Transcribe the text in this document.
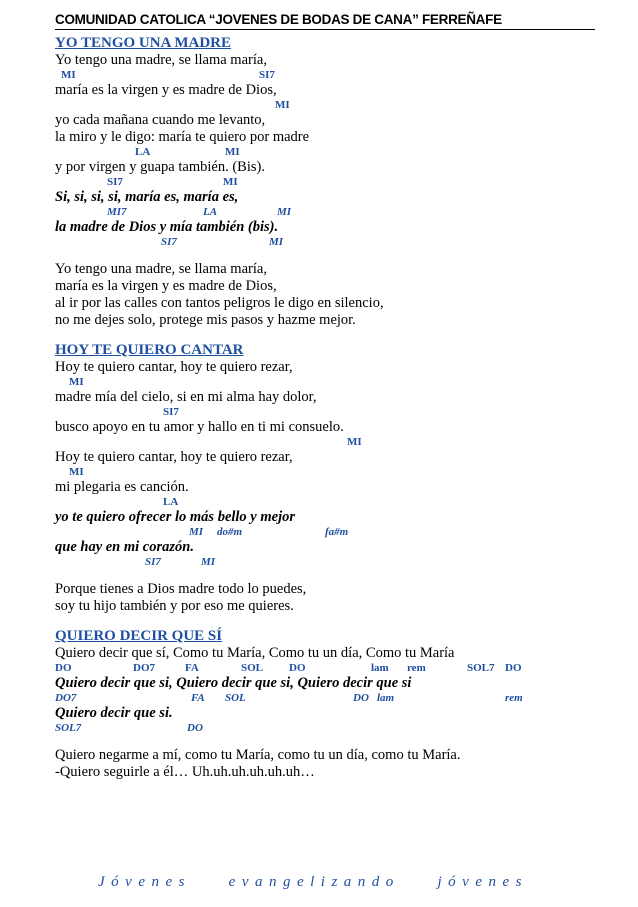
COMUNIDAD CATOLICA “JOVENES DE BODAS DE CANA” FERREÑAFE
YO TENGO UNA MADRE
Yo tengo una madre, se llama maría,
MI	SI7
maría es la virgen y es madre de Dios,
MI
yo cada mañana cuando me levanto,
la miro y le digo: maría te quiero por madre
LA	MI
y por virgen y guapa también. (Bis).
SI7	MI
Si, si, si, si, maría es, maría es,
MI7	LA	MI
la madre de Dios y mía también (bis).
SI7	MI
Yo tengo una madre, se llama maría,
maría es la virgen y es madre de Dios,
al ir por las calles con tantos peligros le digo en silencio,
no me dejes solo, protege mis pasos y hazme mejor.
HOY TE QUIERO CANTAR
Hoy te quiero cantar, hoy te quiero rezar,
MI
madre mía del cielo, si en mi alma hay dolor,
SI7
busco apoyo en tu amor y hallo en ti mi consuelo.
MI
Hoy te quiero cantar, hoy te quiero rezar,
MI
mi plegaria es canción.
LA
yo te quiero ofrecer lo más bello y mejor
MI do#m	fa#m
que hay en mi corazón.
SI7	MI
Porque tienes a Dios madre todo lo puedes,
soy tu hijo también y por eso me quieres.
QUIERO DECIR QUE SÍ
Quiero decir que sí, Como tu María, Como tu un día, Como tu María
DO	DO7	FA	SOL DO	lam rem	SOL7 DO
Quiero decir que si, Quiero decir que si, Quiero decir que si
DO7	FA SOL	DO lam	rem
Quiero decir que si.
SOL7	DO
Quiero negarme a mí, como tu María, como tu un día, como tu María.
-Quiero seguirle a él… Uh.uh.uh.uh.uh.uh…
Jóvenes	evangelizando	jóvenes
